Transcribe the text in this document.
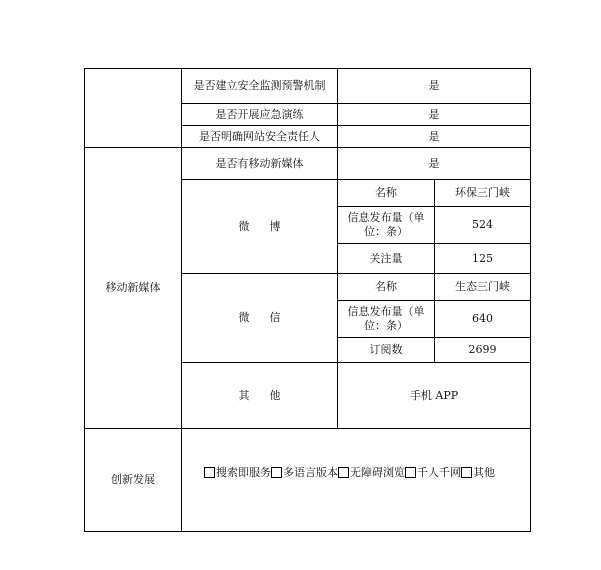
	是否建立安全监测预警机制	是	
	是否开展应急演练	是	
	是否明确网站安全责任人	是	
移动新媒体	是否有移动新媒体	是	
	微 博	名称	环保三门峡
		信息发布量（单位：条）	524
		关注量	125
	微 信	名称	生态三门峡
		信息发布量（单位：条）	640
		订阅数	2699
	其 他	手机 APP	
创新发展	搜索即服务 多语言版本 无障碍浏览 千人千网 其他		
